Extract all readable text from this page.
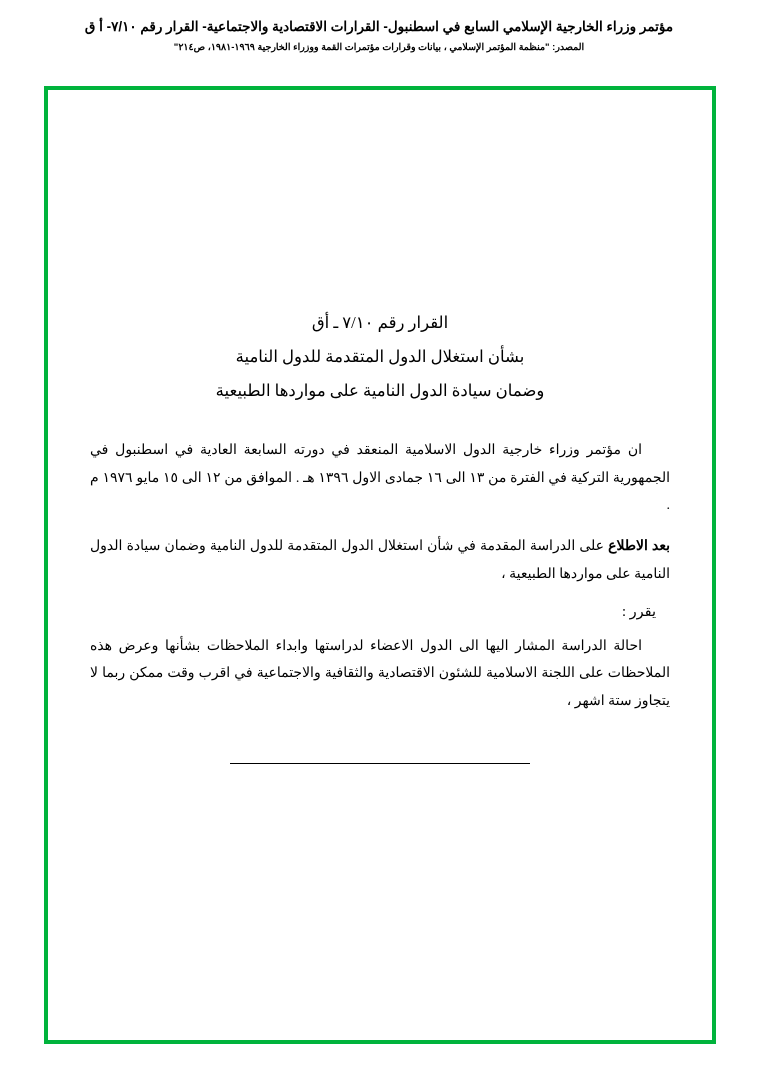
مؤتمر وزراء الخارجية الإسلامي السابع في اسطنبول- القرارات الاقتصادية والاجتماعية- القرار رقم ٧/١٠- أ ق
المصدر: "منظمة المؤتمر الإسلامي ، بيانات وقرارات مؤتمرات القمة ووزراء الخارجية ١٩٦٩-١٩٨١، ص٢١٤"
القرار رقم ٧/١٠ ـ أق
بشأن استغلال الدول المتقدمة للدول النامية
وضمان سيادة الدول النامية على مواردها الطبيعية

ان مؤتمر وزراء خارجية الدول الاسلامية المنعقد في دورته السابعة العادية في اسطنبول في الجمهورية التركية في الفترة من ١٣ الى ١٦ جمادى الاول ١٣٩٦ هـ . الموافق من ١٢ الى ١٥ مايو ١٩٧٦ م .

بعد الاطلاع على الدراسة المقدمة في شأن استغلال الدول المتقدمة للدول النامية وضمان سيادة الدول النامية على مواردها الطبيعية ،

يقرر :

احالة الدراسة المشار اليها الى الدول الاعضاء لدراستها وابداء الملاحظات بشأنها وعرض هذه الملاحظات على اللجنة الاسلامية للشئون الاقتصادية والثقافية والاجتماعية في اقرب وقت ممكن ربما لا يتجاوز ستة اشهر ،
